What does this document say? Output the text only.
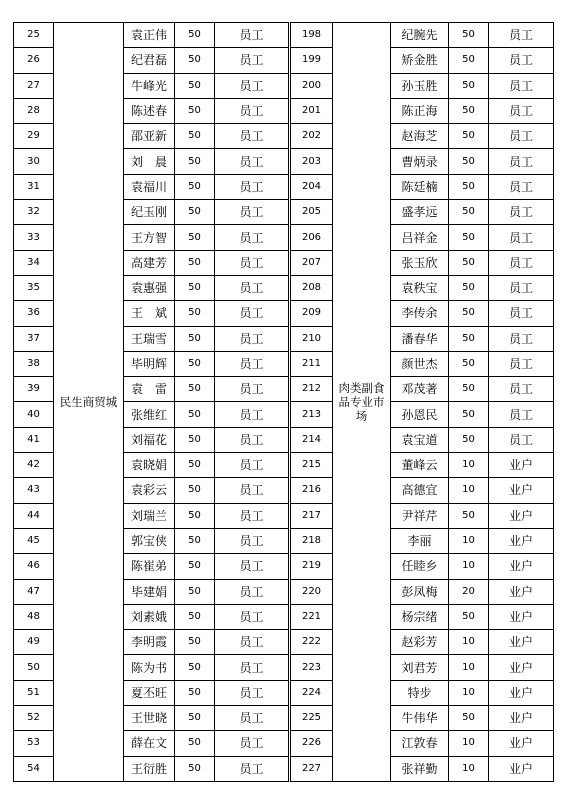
25	民生商贸城	袁正伟	50	员工
26		纪君磊	50	员工
27		牛峰光	50	员工
28		陈述春	50	员工
29		邵亚新	50	员工
30		刘　晨	50	员工
31		袁福川	50	员工
32		纪玉刚	50	员工
33		王方智	50	员工
34		高建芳	50	员工
35		袁惠强	50	员工
36		王　斌	50	员工
37		王瑞雪	50	员工
38		毕明辉	50	员工
39		袁　雷	50	员工
40		张维红	50	员工
41		刘福花	50	员工
42		袁晓娟	50	员工
43		袁彩云	50	员工
44		刘瑞兰	50	员工
45		郭宝侠	50	员工
46		陈崔弟	50	员工
47		毕建娟	50	员工
48		刘素娥	50	员工
49		李明霞	50	员工
50		陈为书	50	员工
51		夏丕旺	50	员工
52		王世晓	50	员工
53		薛在文	50	员工
54		王衍胜	50	员工
198	肉类副食品专业市场	纪腕先	50	员工
199		矫金胜	50	员工
200		孙玉胜	50	员工
201		陈正海	50	员工
202		赵海芝	50	员工
203		曹炳录	50	员工
204		陈廷楠	50	员工
205		盛孝远	50	员工
206		吕祥金	50	员工
207		张玉欣	50	员工
208		袁秩宝	50	员工
209		李传余	50	员工
210		潘春华	50	员工
211		颜世杰	50	员工
212		邓茂著	50	员工
213		孙恩民	50	员工
214		袁宝道	50	员工
215		董峰云	10	业户
216		高德宜	10	业户
217		尹祥芹	50	业户
218		李丽	10	业户
219		任睦乡	10	业户
220		彭凤梅	20	业户
221		杨宗绪	50	业户
222		赵彩芳	10	业户
223		刘君芳	10	业户
224		特步	10	业户
225		牛伟华	50	业户
226		江敦春	10	业户
227		张祥勤	10	业户
